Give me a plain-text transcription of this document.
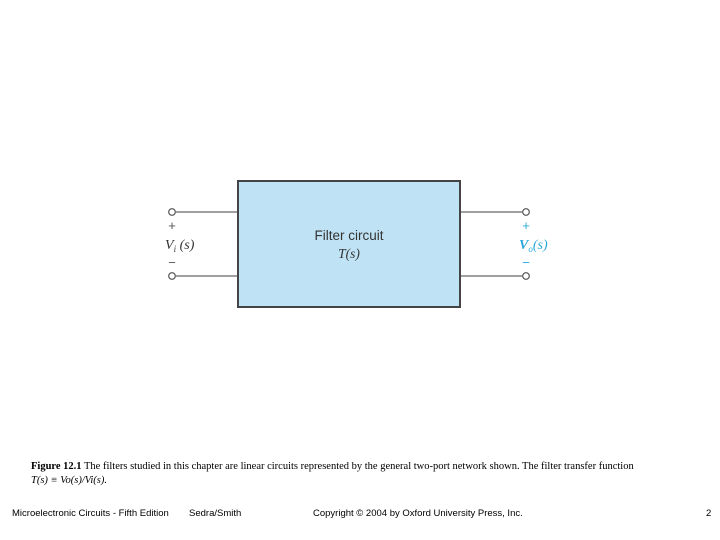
Filter circuit
T(s)
+
$V_i$ (s)
−
+
$V_o(s)$
−
Figure 12.1 The filters studied in this chapter are linear circuits represented by the general two-port network shown. The filter transfer function
T(s) ≡ Vo(s)/Vi(s).
Microelectronic Circuits - Fifth Edition Sedra/Smith	Copyright © 2004 by Oxford University Press, Inc.	2
